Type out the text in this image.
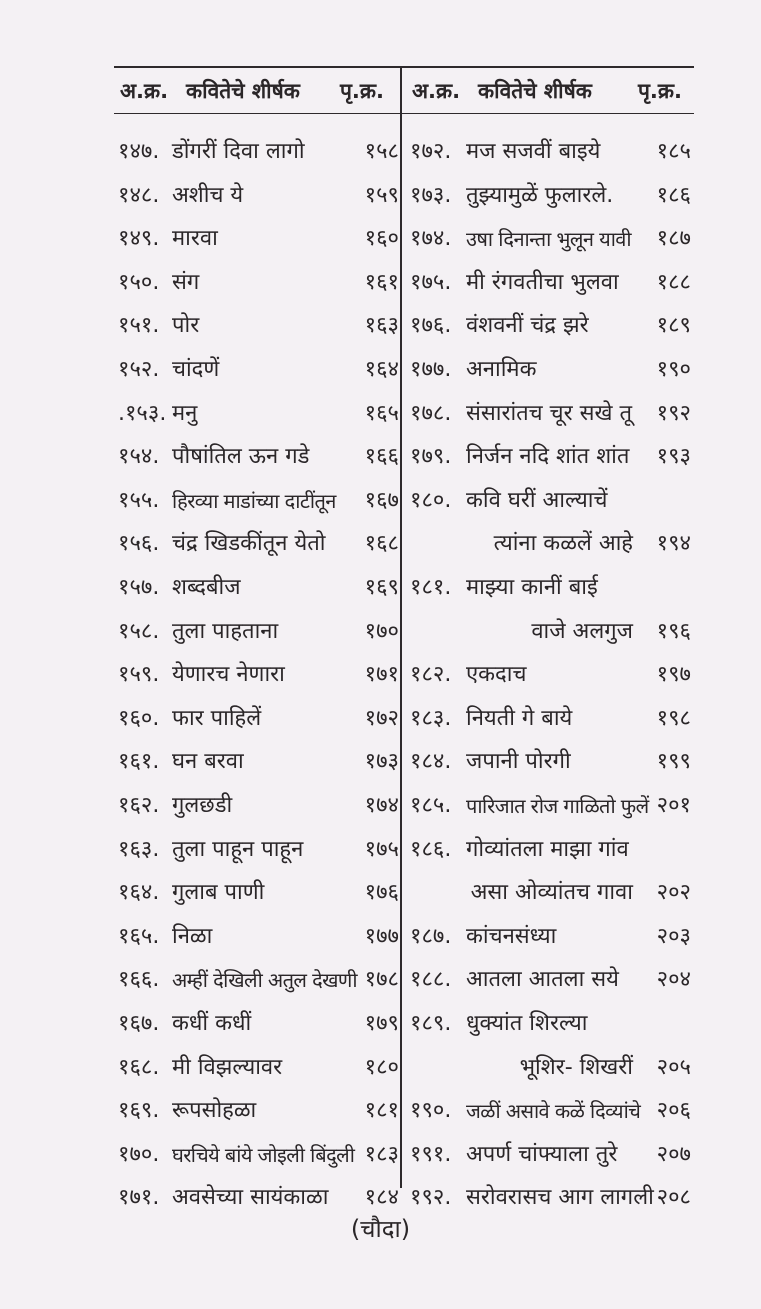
अ.क्र. कवितेचे शीर्षक पृ.क्र. अ.क्र. कवितेचे शीर्षक पृ.क्र.
१४७. डोंगरीं दिवा लागो	१५८
१४८. अशीच ये	१५९
१४९. मारवा	१६०
१५०. संग	१६१
१५१. पोर	१६३
१५२. चांदणें	१६४
.१५३. मनु	१६५
१५४. पौषांतिल ऊन गडे	१६६
१५५. हिरव्या माडांच्या दाटींतून १६७
१५६. चंद्र खिडकींतून येतो १६८
१५७. शब्दबीज	१६९
१५८. तुला पाहताना	१७०
१५९. येणारच नेणारा	१७१
१६०. फार पाहिलें	१७२
१६१. घन बरवा	१७३
१६२. गुलछडी	१७४
१६३. तुला पाहून पाहून	१७५
१६४. गुलाब पाणी	१७६
१६५. निळा	१७७
१६६. अम्हीं देखिली अतुल देखणी १७८
१६७. कधीं कधीं	१७९
१६८. मी विझल्यावर	१८०
१६९. रूपसोहळा	१८१
१७०. घरचिये बांये जोइली बिंदुली १८३
१७१. अवसेच्या सायंकाळा १८४
१७२. मज सजवीं बाइये	१८५
१७३. तुझ्यामुळें फुलारले. १८६
१७४. उषा दिनान्ता भुलून यावी १८७
१७५. मी रंगवतीचा भुलवा १८८
१७६. वंशवनीं चंद्र झरे	१८९
१७७. अनामिक	१९०
१७८. संसारांतच चूर सखे तू १९२
१७९. निर्जन नदि शांत शांत १९३
१८०. कवि घरीं आल्याचें
त्यांना कळलें आहे १९४
१८१. माझ्या कानीं बाई
वाजे अलगुज १९६
१८२. एकदाच	१९७
१८३. नियती गे बाये	१९८
१८४. जपानी पोरगी	१९९
१८५. पारिजात रोज गाळितो फुलें २०१
१८६. गोव्यांतला माझा गांव
असा ओव्यांतच गावा २०२
१८७. कांचनसंध्या	२०३
१८८. आतला आतला सये २०४
१८९. धुक्यांत शिरल्या
भूशिर- शिखरीं २०५
१९०. जळीं असावे कळें दिव्यांचे २०६
१९१. अपर्ण चांफ्याला तुरे २०७
१९२. सरोवरासच आग लागली २०८
(चौदा)
